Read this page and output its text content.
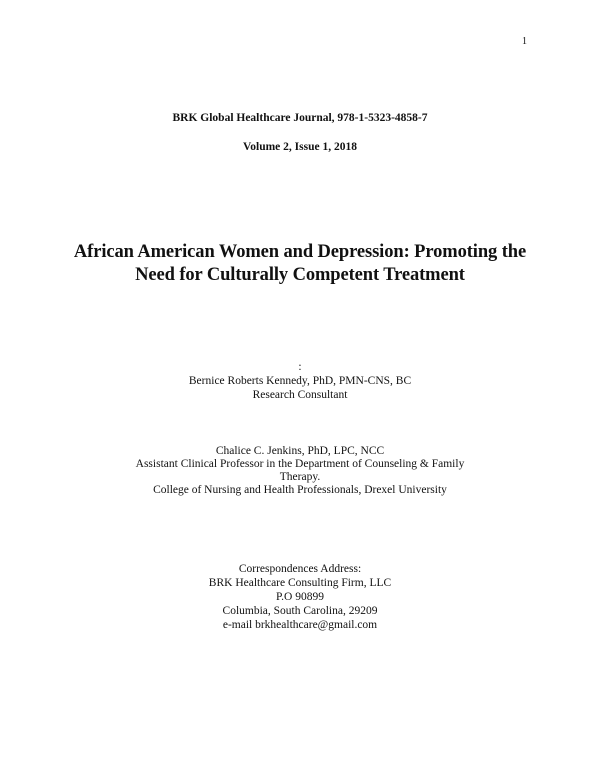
1
BRK Global Healthcare Journal, 978-1-5323-4858-7
Volume 2, Issue 1, 2018
African American Women and Depression: Promoting the
Need for Culturally Competent Treatment
:
Bernice Roberts Kennedy, PhD, PMN-CNS, BC
Research Consultant
Chalice C. Jenkins, PhD, LPC, NCC
Assistant Clinical Professor in the Department of Counseling & Family
Therapy.
College of Nursing and Health Professionals, Drexel University
Correspondences Address:
BRK Healthcare Consulting Firm, LLC
P.O 90899
Columbia, South Carolina, 29209
e-mail brkhealthcare@gmail.com
